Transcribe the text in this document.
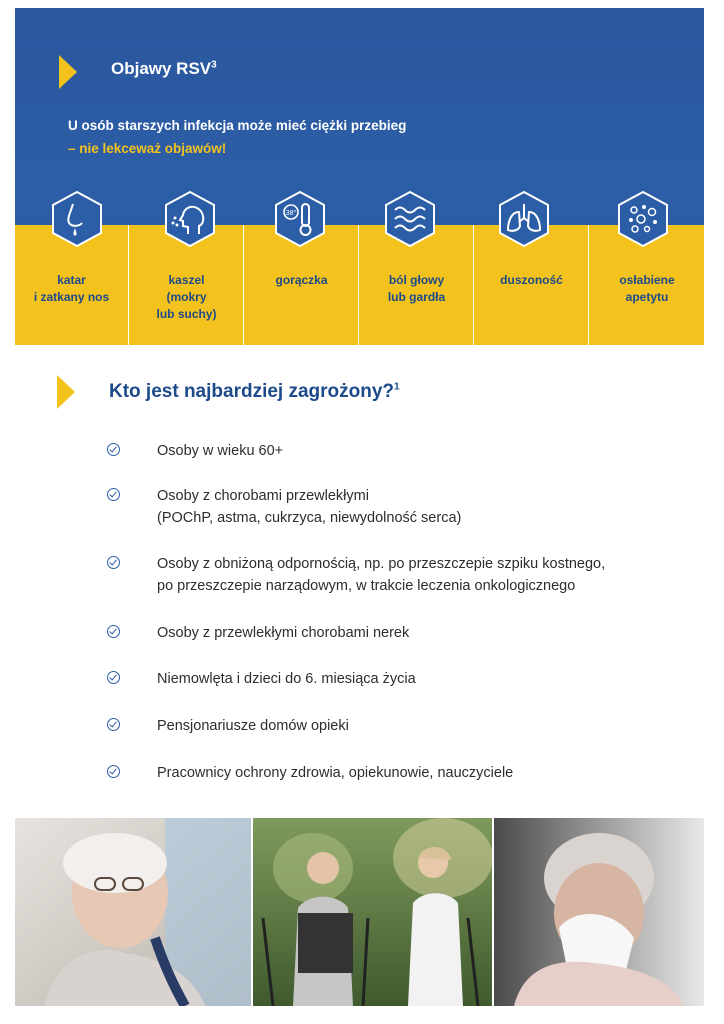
Objawy RSV$^3$
U osób starszych infekcja może mieć ciężki przebieg
– nie lekceważ objawów!
katar
i zatkany nos
kaszel
(mokry
lub suchy)
gorączka	ból głowy
lub gardła
duszoność	osłabiene
apetytu
38°
Kto jest najbardziej zagrożony?$^1$
Osoby w wieku 60+
Osoby z chorobami przewlekłymi
(POChP, astma, cukrzyca, niewydolność serca)
Osoby z obniżoną odpornością, np. po przeszczepie szpiku kostnego,
po przeszczepie narządowym, w trakcie leczenia onkologicznego
Osoby z przewlekłymi chorobami nerek
Niemowlęta i dzieci do 6. miesiąca życia
Pensjonariusze domów opieki
Pracownicy ochrony zdrowia, opiekunowie, nauczyciele
